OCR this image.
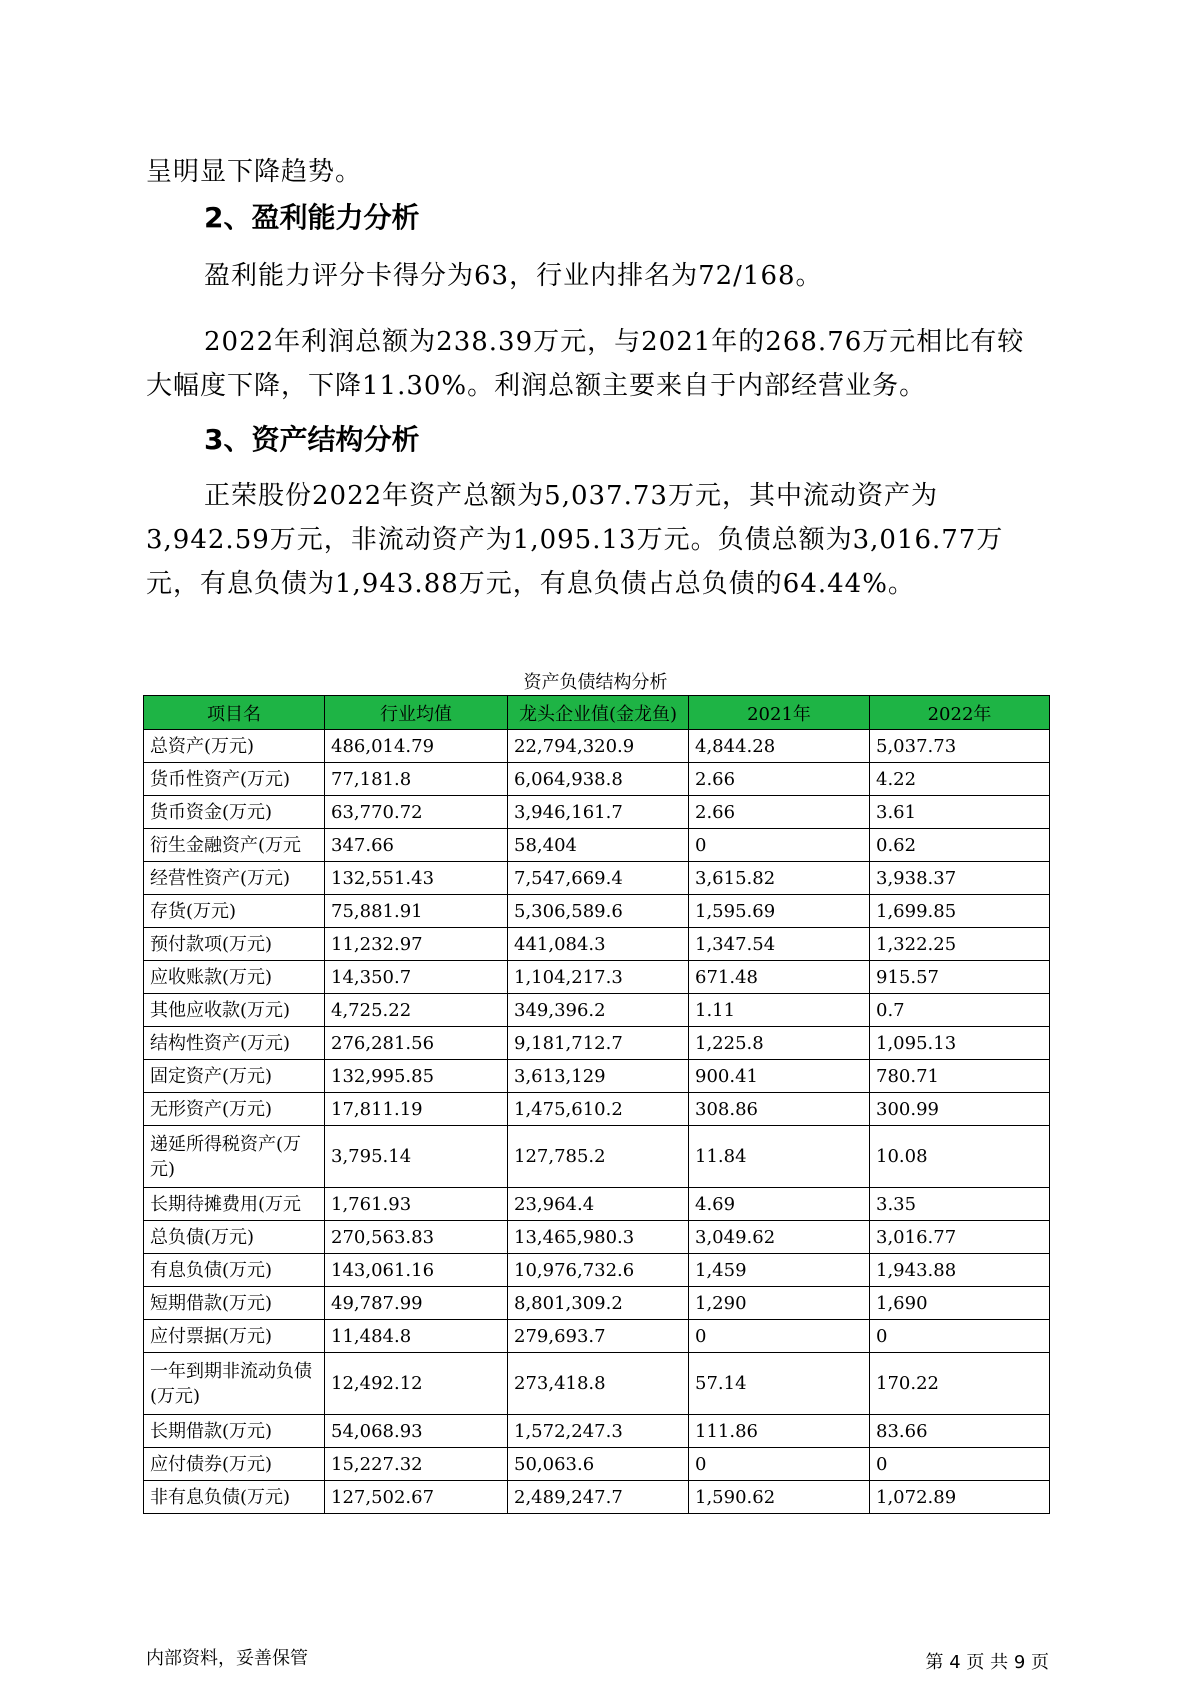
呈明显下降趋势。

2、盈利能力分析

盈利能力评分卡得分为63，行业内排名为72/168。

2022年利润总额为238.39万元，与2021年的268.76万元相比有较大幅度下降，下降11.30%。利润总额主要来自于内部经营业务。

3、资产结构分析

正荣股份2022年资产总额为5,037.73万元，其中流动资产为3,942.59万元，非流动资产为1,095.13万元。负债总额为3,016.77万元，有息负债为1,943.88万元，有息负债占总负债的64.44%。

资产负债结构分析
项目名	行业均值	龙头企业值(金龙鱼)	2021年	2022年
总资产(万元)	486,014.79	22,794,320.9	4,844.28	5,037.73
货币性资产(万元)	77,181.8	6,064,938.8	2.66	4.22
货币资金(万元)	63,770.72	3,946,161.7	2.66	3.61
衍生金融资产(万元	347.66	58,404	0	0.62
经营性资产(万元)	132,551.43	7,547,669.4	3,615.82	3,938.37
存货(万元)	75,881.91	5,306,589.6	1,595.69	1,699.85
预付款项(万元)	11,232.97	441,084.3	1,347.54	1,322.25
应收账款(万元)	14,350.7	1,104,217.3	671.48	915.57
其他应收款(万元)	4,725.22	349,396.2	1.11	0.7
结构性资产(万元)	276,281.56	9,181,712.7	1,225.8	1,095.13
固定资产(万元)	132,995.85	3,613,129	900.41	780.71
无形资产(万元)	17,811.19	1,475,610.2	308.86	300.99
递延所得税资产(万元)	3,795.14	127,785.2	11.84	10.08
长期待摊费用(万元	1,761.93	23,964.4	4.69	3.35
总负债(万元)	270,563.83	13,465,980.3	3,049.62	3,016.77
有息负债(万元)	143,061.16	10,976,732.6	1,459	1,943.88
短期借款(万元)	49,787.99	8,801,309.2	1,290	1,690
应付票据(万元)	11,484.8	279,693.7	0	0
一年到期非流动负债(万元)	12,492.12	273,418.8	57.14	170.22
长期借款(万元)	54,068.93	1,572,247.3	111.86	83.66
应付债券(万元)	15,227.32	50,063.6	0	0
非有息负债(万元)	127,502.67	2,489,247.7	1,590.62	1,072.89
内部资料，妥善保管	第 4 页 共 9 页
